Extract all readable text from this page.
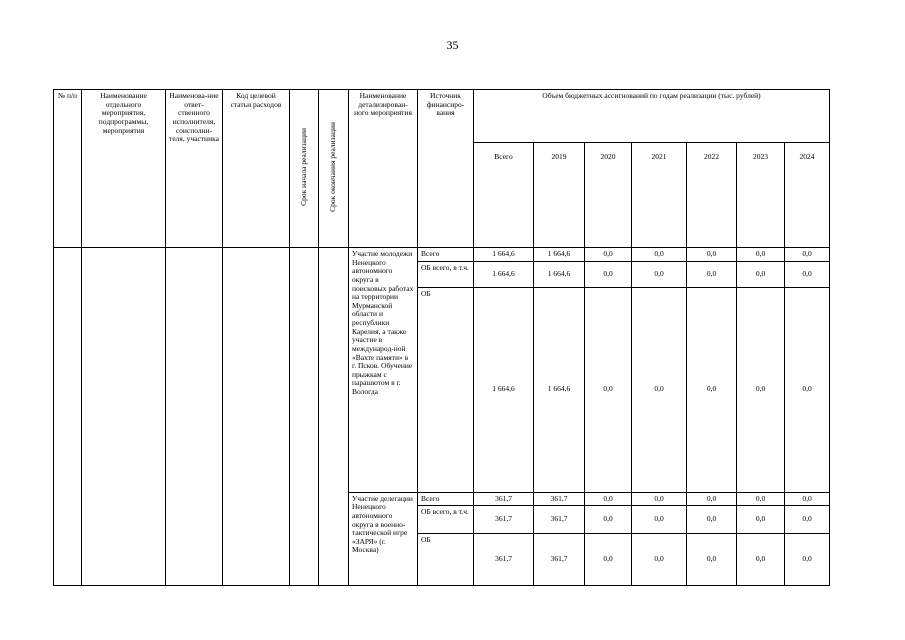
35
№ п/п	Наименование отдельного мероприятия, подпрограммы, мероприятия	Наименова-ние ответ-ственного исполнителя, соисполни-теля, участника	Код целевой статьи расходов	Срок начала реализации	Срок окончания реализации	Наименование детализирован-ного мероприятия	Источник финансиро-вания	Объем бюджетных ассигнований по годам реализации (тыс. рублей)						
								Всего	2019	2020	2021	2022	2023	2024
						Участие молодежи Ненецкого автономного округа в поисковых работах на территории Мурманской области и республики Карелия, а также участие в международ-ной «Вахте памяти» в г. Псков. Обучение прыжкам с парашютом в г. Вологда	Всего	1 664,6	1 664,6	0,0	0,0	0,0	0,0	0,0
							ОБ всего, в т.ч.	1 664,6	1 664,6	0,0	0,0	0,0	0,0	0,0
							ОБ	1 664,6	1 664,6	0,0	0,0	0,0	0,0	0,0
						Участие делегации Ненецкого автономного округа в военно-тактической игре «ЗАРЯ» (г. Москва)	Всего	361,7	361,7	0,0	0,0	0,0	0,0	0,0
							ОБ всего, в т.ч.	361,7	361,7	0,0	0,0	0,0	0,0	0,0
							ОБ	361,7	361,7	0,0	0,0	0,0	0,0	0,0
